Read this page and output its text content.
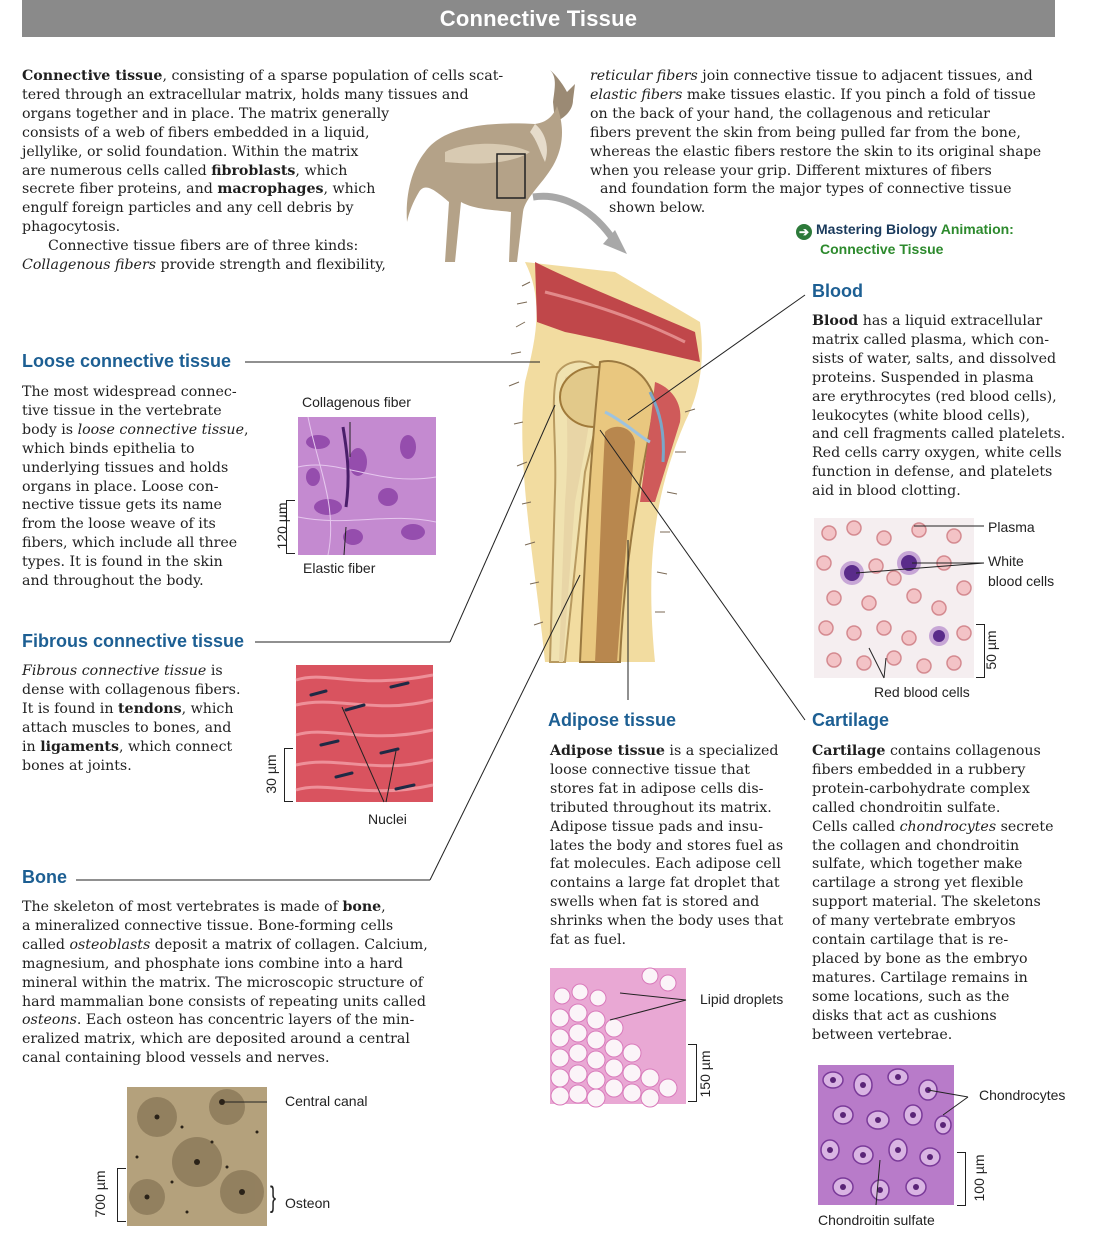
Connective Tissue
Connective tissue, consisting of a sparse population of cells scat-
tered through an extracellular matrix, holds many tissues and
organs together and in place. The matrix generally
consists of a web of fibers embedded in a liquid,
jellylike, or solid foundation. Within the matrix
are numerous cells called fibroblasts, which
secrete fiber proteins, and macrophages, which
engulf foreign particles and any cell debris by
phagocytosis.
Connective tissue fibers are of three kinds:
Collagenous fibers provide strength and flexibility,
reticular fibers join connective tissue to adjacent tissues, and
elastic fibers make tissues elastic. If you pinch a fold of tissue
on the back of your hand, the collagenous and reticular
fibers prevent the skin from being pulled far from the bone,
whereas the elastic fibers restore the skin to its original shape
when you release your grip. Different mixtures of fibers
and foundation form the major types of connective tissue
shown below.
➔ Mastering Biology Animation:
Connective Tissue
Loose connective tissue
The most widespread connec-
tive tissue in the vertebrate
body is loose connective tissue,
which binds epithelia to
underlying tissues and holds
organs in place. Loose con-
nective tissue gets its name
from the loose weave of its
fibers, which include all three
types. It is found in the skin
and throughout the body.
Collagenous fiber
Elastic fiber
120 µm
Fibrous connective tissue
Fibrous connective tissue is
dense with collagenous fibers.
It is found in tendons, which
attach muscles to bones, and
in ligaments, which connect
bones at joints.
Nuclei
30 µm
Bone
The skeleton of most vertebrates is made of bone,
a mineralized connective tissue. Bone-forming cells
called osteoblasts deposit a matrix of collagen. Calcium,
magnesium, and phosphate ions combine into a hard
mineral within the matrix. The microscopic structure of
hard mammalian bone consists of repeating units called
osteons. Each osteon has concentric layers of the min-
eralized matrix, which are deposited around a central
canal containing blood vessels and nerves.
Central canal
} Osteon
700 µm
Adipose tissue
Adipose tissue is a specialized
loose connective tissue that
stores fat in adipose cells dis-
tributed throughout its matrix.
Adipose tissue pads and insu-
lates the body and stores fuel as
fat molecules. Each adipose cell
contains a large fat droplet that
swells when fat is stored and
shrinks when the body uses that
fat as fuel.
Lipid droplets
150 µm
Blood
Blood has a liquid extracellular
matrix called plasma, which con-
sists of water, salts, and dissolved
proteins. Suspended in plasma
are erythrocytes (red blood cells),
leukocytes (white blood cells),
and cell fragments called platelets.
Red cells carry oxygen, white cells
function in defense, and platelets
aid in blood clotting.
Plasma
White
blood cells
Red blood cells
50 µm
Cartilage
Cartilage contains collagenous
fibers embedded in a rubbery
protein-carbohydrate complex
called chondroitin sulfate.
Cells called chondrocytes secrete
the collagen and chondroitin
sulfate, which together make
cartilage a strong yet flexible
support material. The skeletons
of many vertebrate embryos
contain cartilage that is re-
placed by bone as the embryo
matures. Cartilage remains in
some locations, such as the
disks that act as cushions
between vertebrae.
Chondrocytes
Chondroitin sulfate
100 µm
